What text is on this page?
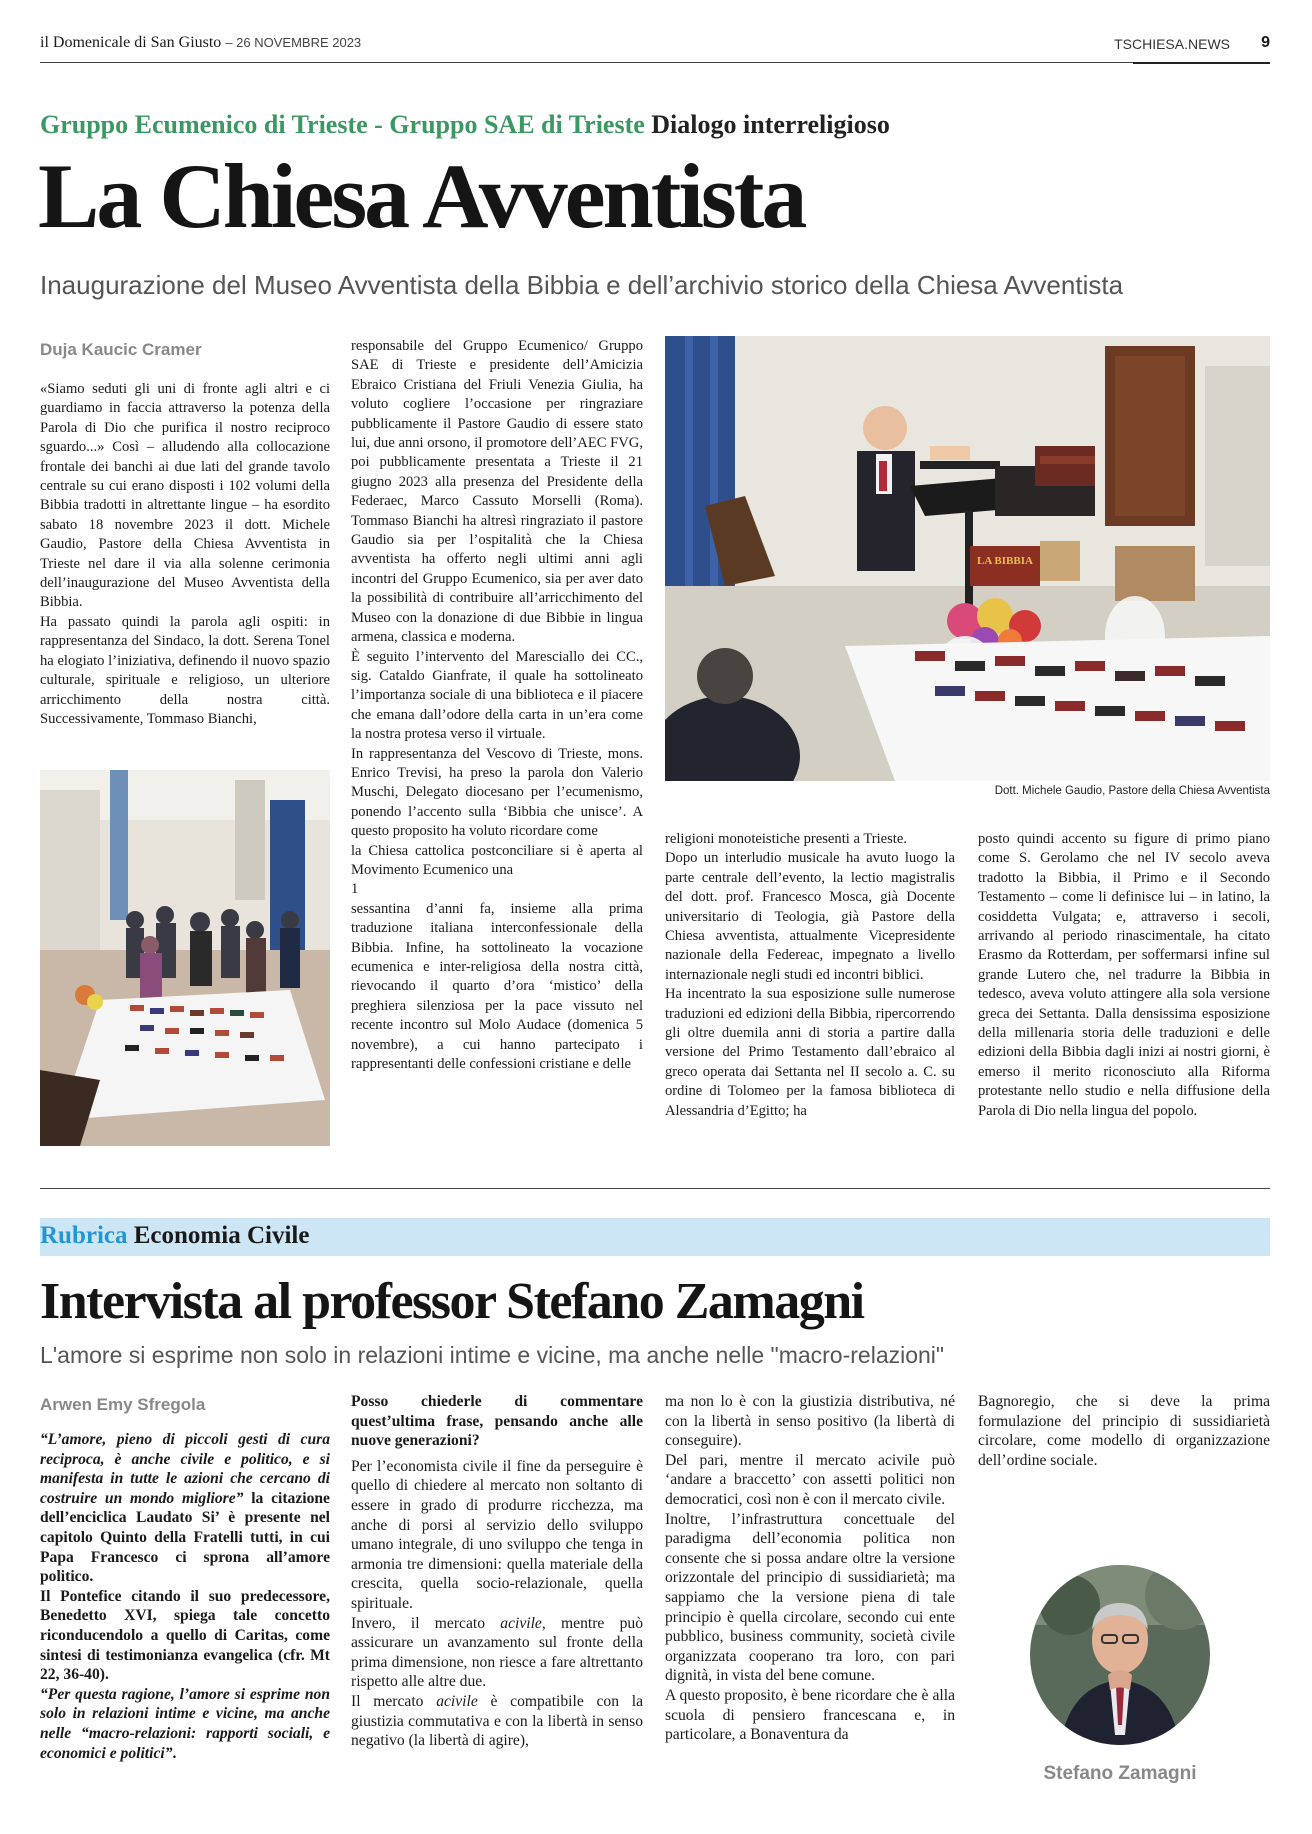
il Domenicale di San Giusto – 26 NOVEMBRE 2023	TSCHIESA.NEWS 9
Gruppo Ecumenico di Trieste - Gruppo SAE di Trieste Dialogo interreligioso
La Chiesa Avventista
Inaugurazione del Museo Avventista della Bibbia e dell’archivio storico della Chiesa Avventista
Duja Kaucic Cramer

«Siamo seduti gli uni di fronte agli altri e ci guardiamo in faccia attraverso la potenza della Parola di Dio che purifica il nostro reciproco sguardo...» Così – alludendo alla collocazione frontale dei banchi ai due lati del grande tavolo centrale su cui erano disposti i 102 volumi della Bibbia tradotti in altrettante lingue – ha esordito sabato 18 novembre 2023 il dott. Michele Gaudio, Pastore della Chiesa Avventista in Trieste nel dare il via alla solenne cerimonia dell’inaugurazione del Museo Avventista della Bibbia.

Ha passato quindi la parola agli ospiti: in rappresentanza del Sindaco, la dott. Serena Tonel ha elogiato l’iniziativa, definendo il nuovo spazio culturale, spirituale e religioso, un ulteriore arricchimento della nostra città. Successivamente, Tommaso Bianchi,

responsabile del Gruppo Ecumenico/ Gruppo SAE di Trieste e presidente dell’Amicizia Ebraico Cristiana del Friuli Venezia Giulia, ha voluto cogliere l’occasione per ringraziare pubblicamente il Pastore Gaudio di essere stato lui, due anni orsono, il promotore dell’AEC FVG, poi pubblicamente presentata a Trieste il 21 giugno 2023 alla presenza del Presidente della Federaec, Marco Cassuto Morselli (Roma). Tommaso Bianchi ha altresì ringraziato il pastore Gaudio sia per l’ospitalità che la Chiesa avventista ha offerto negli ultimi anni agli incontri del Gruppo Ecumenico, sia per aver dato la possibilità di contribuire all’arricchimento del Museo con la donazione di due Bibbie in lingua armena, classica e moderna.

È seguito l’intervento del Maresciallo dei CC., sig. Cataldo Gianfrate, il quale ha sottolineato l’importanza sociale di una biblioteca e il piacere che emana dall’odore della carta in un’era come la nostra protesa verso il virtuale.

In rappresentanza del Vescovo di Trieste, mons. Enrico Trevisi, ha preso la parola don Valerio Muschi, Delegato diocesano per l’ecumenismo, ponendo l’accento sulla ‘Bibbia che unisce’. A questo proposito ha voluto ricordare come

la Chiesa cattolica postconciliare si è aperta al Movimento Ecumenico una

1

sessantina d’anni fa, insieme alla prima traduzione italiana interconfessionale della Bibbia. Infine, ha sottolineato la vocazione ecumenica e inter-religiosa della nostra città, rievocando il quarto d’ora ‘mistico’ della preghiera silenziosa per la pace vissuto nel recente incontro sul Molo Audace (domenica 5 novembre), a cui hanno partecipato i rappresentanti delle confessioni cristiane e delle

LA BIBBIA
Dott. Michele Gaudio, Pastore della Chiesa Avventista

religioni monoteistiche presenti a Trieste.

Dopo un interludio musicale ha avuto luogo la parte centrale dell’evento, la lectio magistralis del dott. prof. Francesco Mosca, già Docente universitario di Teologia, già Pastore della Chiesa avventista, attualmente Vicepresidente nazionale della Federeac, impegnato a livello internazionale negli studi ed incontri biblici.

Ha incentrato la sua esposizione sulle numerose traduzioni ed edizioni della Bibbia, ripercorrendo gli oltre duemila anni di storia a partire dalla versione del Primo Testamento dall’ebraico al greco operata dai Settanta nel II secolo a. C. su ordine di Tolomeo per la famosa biblioteca di Alessandria d’Egitto; ha

posto quindi accento su figure di primo piano come S. Gerolamo che nel IV secolo aveva tradotto la Bibbia, il Primo e il Secondo Testamento – come li definisce lui – in latino, la cosiddetta Vulgata; e, attraverso i secoli, arrivando al periodo rinascimentale, ha citato Erasmo da Rotterdam, per soffermarsi infine sul grande Lutero che, nel tradurre la Bibbia in tedesco, aveva voluto attingere alla sola versione greca dei Settanta. Dalla densissima esposizione della millenaria storia delle traduzioni e delle edizioni della Bibbia dagli inizi ai nostri giorni, è emerso il merito riconosciuto alla Riforma protestante nello studio e nella diffusione della Parola di Dio nella lingua del popolo.

Rubrica Economia Civile
Intervista al professor Stefano Zamagni
L'amore si esprime non solo in relazioni intime e vicine, ma anche nelle "macro-relazioni"
Arwen Emy Sfregola

“L’amore, pieno di piccoli gesti di cura reciproca, è anche civile e politico, e si manifesta in tutte le azioni che cercano di costruire un mondo migliore” la citazione dell’enciclica Laudato Si’ è presente nel capitolo Quinto della Fratelli tutti, in cui Papa Francesco ci sprona all’amore politico.

Il Pontefice citando il suo predecessore, Benedetto XVI, spiega tale concetto riconducendolo a quello di Caritas, come sintesi di testimonianza evangelica (cfr. Mt 22, 36-40).

“Per questa ragione, l’amore si esprime non solo in relazioni intime e vicine, ma anche nelle “macro-relazioni: rapporti sociali, e economici e politici”.

Posso chiederle di commentare quest’ultima frase, pensando anche alle nuove generazioni?

Per l’economista civile il fine da perseguire è quello di chiedere al mercato non soltanto di essere in grado di produrre ricchezza, ma anche di porsi al servizio dello sviluppo umano integrale, di uno sviluppo che tenga in armonia tre dimensioni: quella materiale della crescita, quella socio-relazionale, quella spirituale.

Invero, il mercato acivile, mentre può assicurare un avanzamento sul fronte della prima dimensione, non riesce a fare altrettanto rispetto alle altre due.

Il mercato acivile è compatibile con la giustizia commutativa e con la libertà in senso negativo (la libertà di agire),

ma non lo è con la giustizia distributiva, né con la libertà in senso positivo (la libertà di conseguire).

Del pari, mentre il mercato acivile può ‘andare a braccetto’ con assetti politici non democratici, così non è con il mercato civile.

Inoltre, l’infrastruttura concettuale del paradigma dell’economia politica non consente che si possa andare oltre la versione orizzontale del principio di sussidiarietà; ma sappiamo che la versione piena di tale principio è quella circolare, secondo cui ente pubblico, business community, società civile organizzata cooperano tra loro, con pari dignità, in vista del bene comune.

A questo proposito, è bene ricordare che è alla scuola di pensiero francescana e, in particolare, a Bonaventura da

Bagnoregio, che si deve la prima formulazione del principio di sussidiarietà circolare, come modello di organizzazione dell’ordine sociale.

Stefano Zamagni
